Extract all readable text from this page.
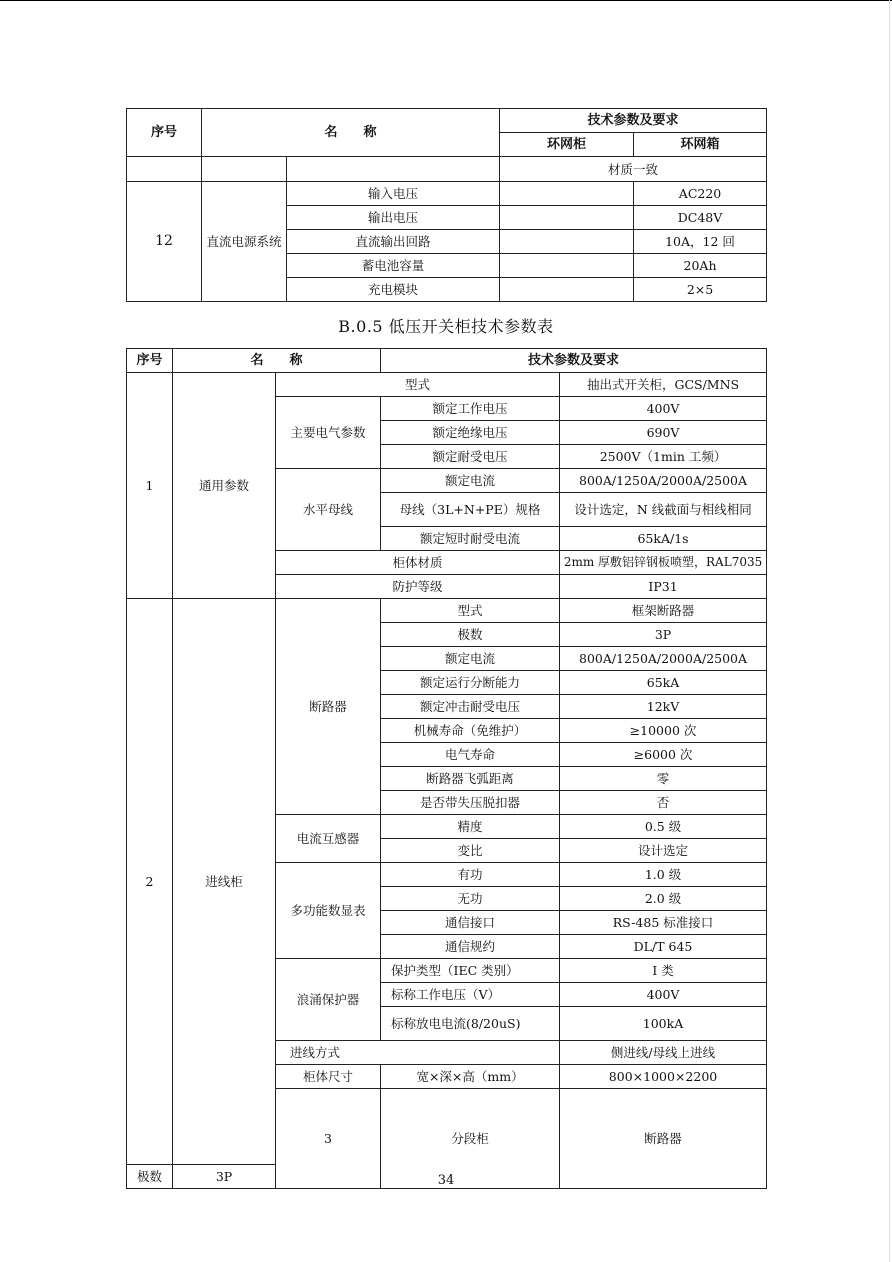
序号	名　　称		技术参数及要求	
			环网柜	环网箱
			材质一致	
12	直流电源系统	输入电压		AC220
		输出电压		DC48V
		直流输出回路		10A，12 回
		蓄电池容量		20Ah
		充电模块		2×5
B.0.5 低压开关柜技术参数表
序号	名　　称		技术参数及要求		
1	通用参数	型式		抽出式开关柜，GCS/MNS	
		主要电气参数	额定工作电压	400V	
			额定绝缘电压	690V	
			额定耐受电压	2500V（1min 工频）	
		水平母线	额定电流	800A/1250A/2000A/2500A	
			母线（3L+N+PE）规格	设计选定，N 线截面与相线相同	
			额定短时耐受电流	65kA/1s	
		柜体材质		2mm 厚敷铝锌钢板喷塑，RAL7035	
		防护等级		IP31	
2	进线柜	断路器	型式	框架断路器	
			极数	3P	
			额定电流	800A/1250A/2000A/2500A	
			额定运行分断能力	65kA	
			额定冲击耐受电压	12kV	
			机械寿命（免维护）	≥10000 次	
			电气寿命	≥6000 次	
			断路器飞弧距离	零	
			是否带失压脱扣器	否	
		电流互感器	精度	0.5 级	
			变比	设计选定	
		多功能数显表	有功	1.0 级	
			无功	2.0 级	
			通信接口	RS-485 标准接口	
			通信规约	DL/T 645	
		浪涌保护器	保护类型（IEC 类别）	I 类	
			标称工作电压（V）	400V	
			标称放电电流(8/20uS)	100kA	
		进线方式		侧进线/母线上进线	
		柜体尺寸	宽×深×高（mm）	800×1000×2200	
		3	分段柜	断路器		
极数	3P					34
